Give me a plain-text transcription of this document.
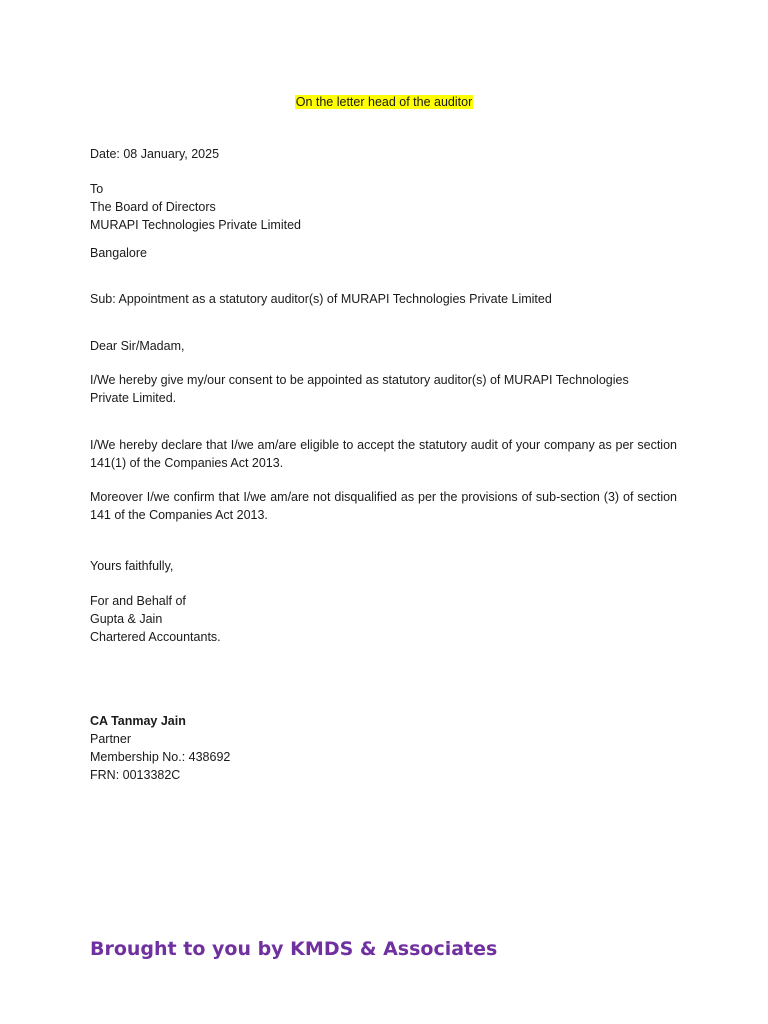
On the letter head of the auditor
Date: 08 January, 2025
To
The Board of Directors
MURAPI Technologies Private Limited
Bangalore
Sub: Appointment as a statutory auditor(s) of MURAPI Technologies Private Limited
Dear Sir/Madam,
I/We hereby give my/our consent to be appointed as statutory auditor(s) of MURAPI Technologies
Private Limited.
I/We hereby declare that I/we am/are eligible to accept the statutory audit of your company as per section 141(1) of the Companies Act 2013.
Moreover I/we confirm that I/we am/are not disqualified as per the provisions of sub-section (3) of section 141 of the Companies Act 2013.
Yours faithfully,
For and Behalf of
Gupta & Jain
Chartered Accountants.
CA Tanmay Jain
Partner
Membership No.: 438692
FRN: 0013382C
Brought to you by KMDS & Associates
